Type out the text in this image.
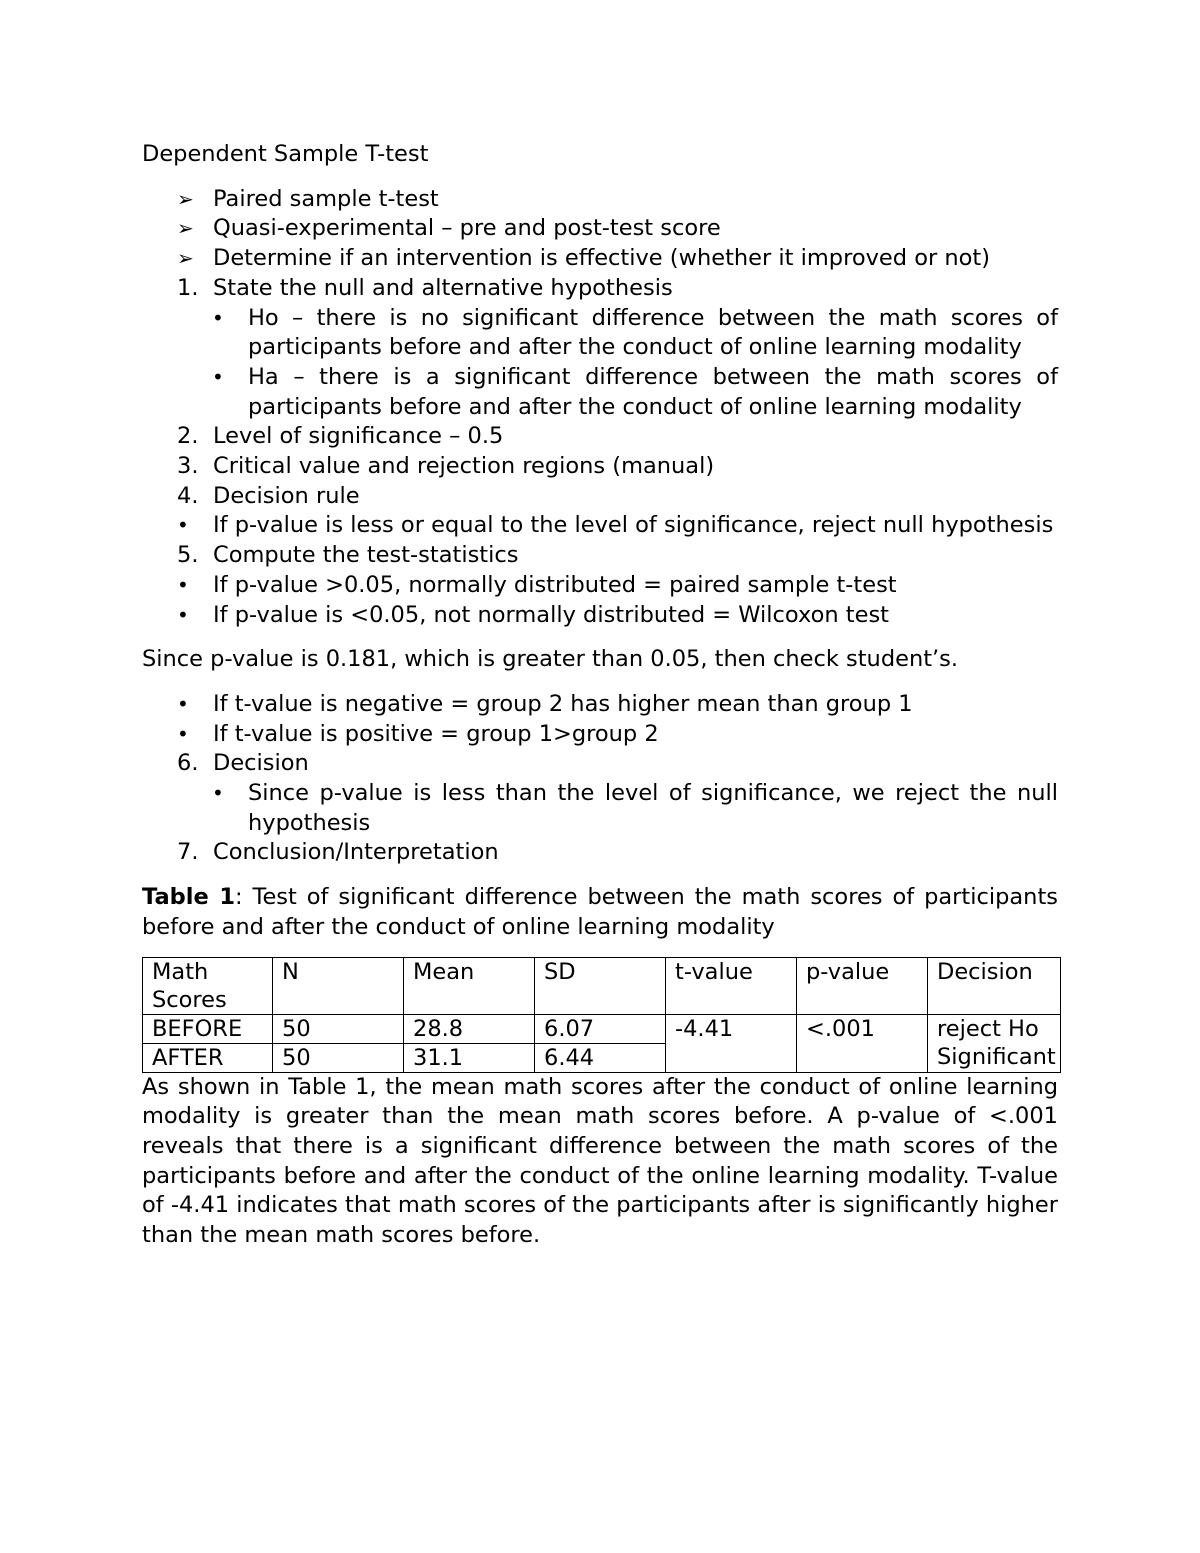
Dependent Sample T-test

➢ Paired sample t-test
➢ Quasi-experimental – pre and post-test score
➢ Determine if an intervention is effective (whether it improved or not)
1. State the null and alternative hypothesis
• Ho – there is no significant difference between the math scores of participants before and after the conduct of online learning modality
• Ha – there is a significant difference between the math scores of participants before and after the conduct of online learning modality
2. Level of significance – 0.5
3. Critical value and rejection regions (manual)
4. Decision rule
• If p-value is less or equal to the level of significance, reject null hypothesis
5. Compute the test-statistics
• If p-value >0.05, normally distributed = paired sample t-test
• If p-value is <0.05, not normally distributed = Wilcoxon test

Since p-value is 0.181, which is greater than 0.05, then check student’s.

• If t-value is negative = group 2 has higher mean than group 1
• If t-value is positive = group 1>group 2
6. Decision
• Since p-value is less than the level of significance, we reject the null hypothesis
7. Conclusion/Interpretation

Table 1: Test of significant difference between the math scores of participants before and after the conduct of online learning modality

Math Scores	N	Mean	SD	t-value	p-value	Decision
BEFORE	50	28.8	6.07	-4.41	<.001	reject Ho Significant
AFTER	50	31.1	6.44			

As shown in Table 1, the mean math scores after the conduct of online learning modality is greater than the mean math scores before. A p-value of <.001 reveals that there is a significant difference between the math scores of the participants before and after the conduct of the online learning modality. T-value of -4.41 indicates that math scores of the participants after is significantly higher than the mean math scores before.
